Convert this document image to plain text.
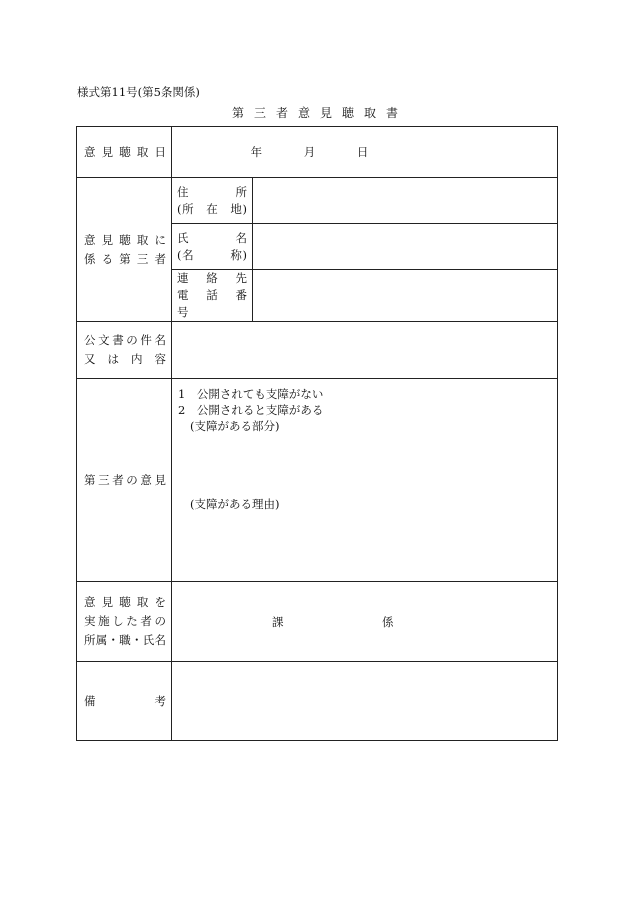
様式第11号(第5条関係)
第三者意見聴取書
意見聴取日	年 月 日	

意見聴取に
係る第三者	住　　　所
(所　在　地)	

	氏　　　名
(名　　　称)	

	連　絡　先
電　話　番　号	

公文書の件名
又　は　内　容		

第三者の意見	1　公開されても支障がない
2　公開されると支障がある
(支障がある部分)
(支障がある理由)	

意見聴取を
実施した者の
所属・職・氏名	課 係	

備　　　　　考		
